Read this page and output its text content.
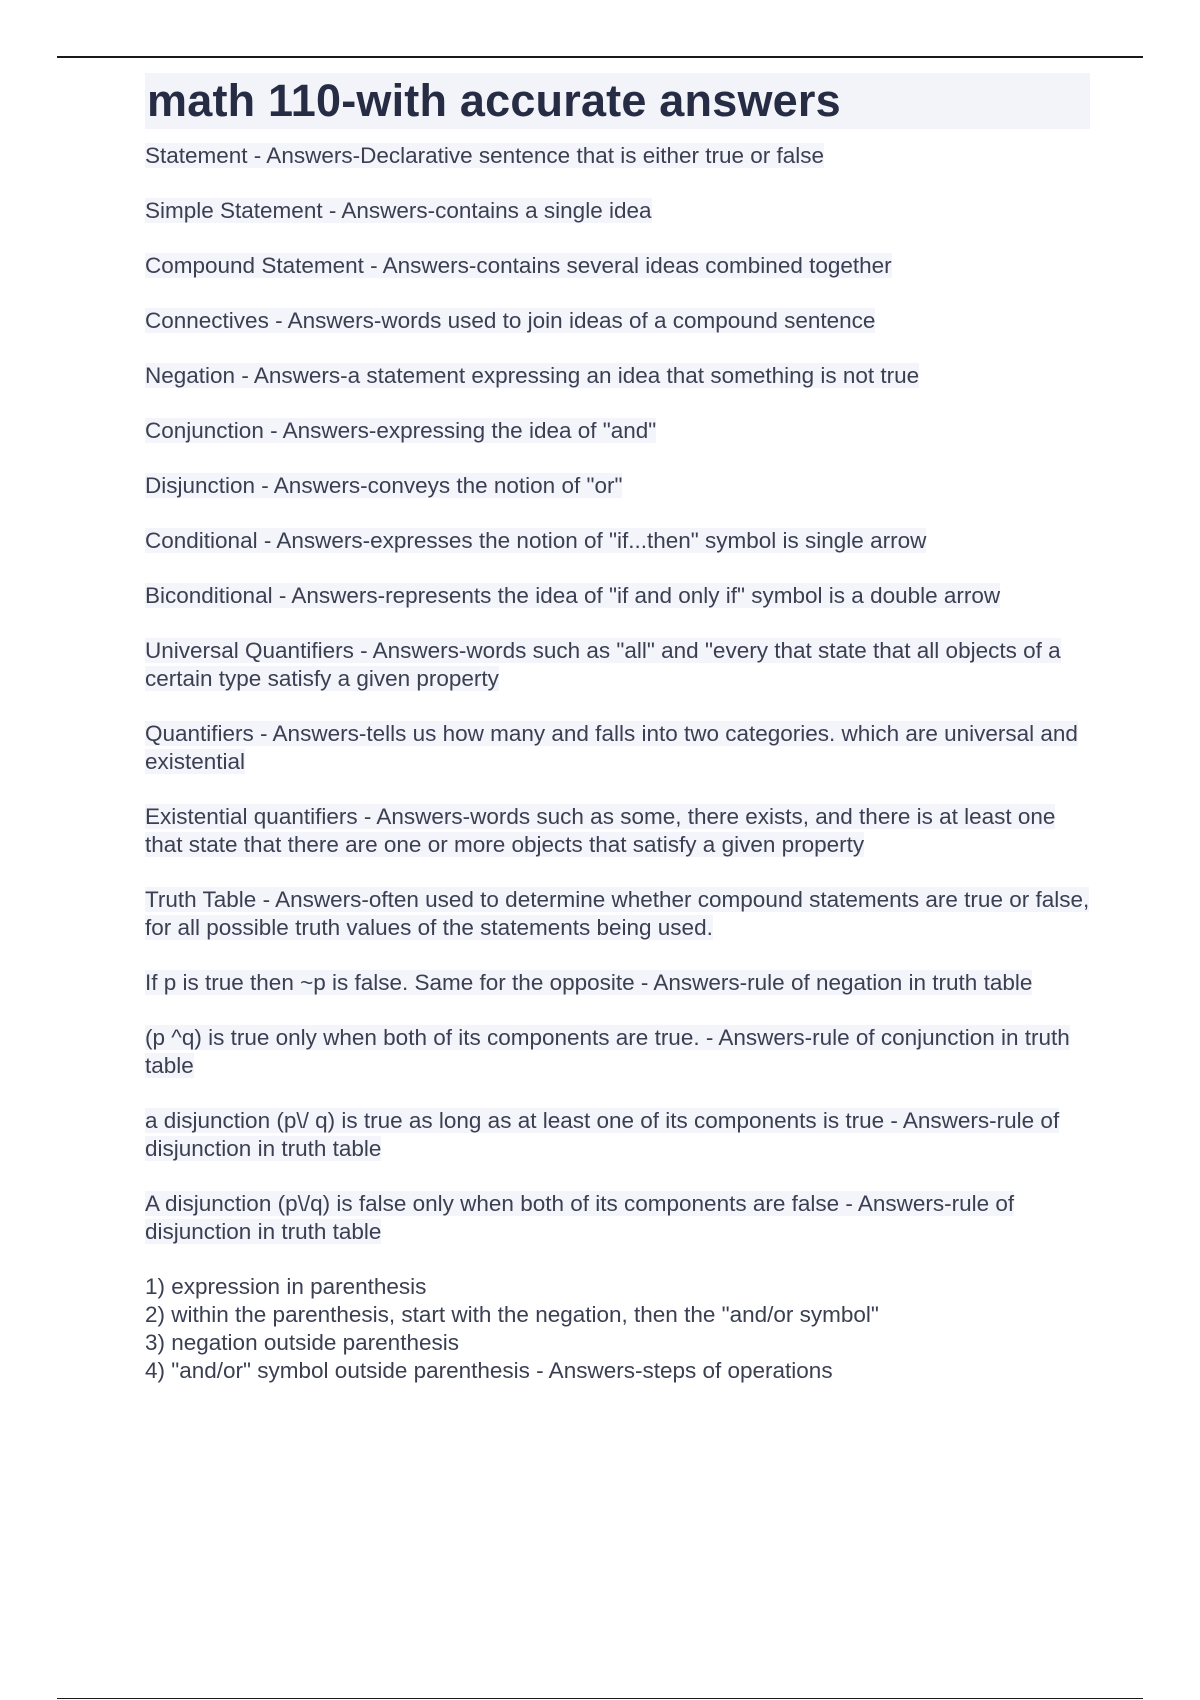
math 110-with accurate answers

Statement - Answers-Declarative sentence that is either true or false

Simple Statement - Answers-contains a single idea

Compound Statement - Answers-contains several ideas combined together

Connectives - Answers-words used to join ideas of a compound sentence

Negation - Answers-a statement expressing an idea that something is not true

Conjunction - Answers-expressing the idea of "and"

Disjunction - Answers-conveys the notion of "or"

Conditional - Answers-expresses the notion of "if...then" symbol is single arrow

Biconditional - Answers-represents the idea of "if and only if" symbol is a double arrow

Universal Quantifiers - Answers-words such as "all" and "every that state that all objects of a certain type satisfy a given property

Quantifiers - Answers-tells us how many and falls into two categories. which are universal and existential

Existential quantifiers - Answers-words such as some, there exists, and there is at least one that state that there are one or more objects that satisfy a given property

Truth Table - Answers-often used to determine whether compound statements are true or false, for all possible truth values of the statements being used.

If p is true then ~p is false. Same for the opposite - Answers-rule of negation in truth table

(p ^q) is true only when both of its components are true. - Answers-rule of conjunction in truth table

a disjunction (p\/ q) is true as long as at least one of its components is true - Answers-rule of disjunction in truth table

A disjunction (p\/q) is false only when both of its components are false - Answers-rule of disjunction in truth table

1) expression in parenthesis
2) within the parenthesis, start with the negation, then the "and/or symbol"
3) negation outside parenthesis
4) "and/or" symbol outside parenthesis - Answers-steps of operations
